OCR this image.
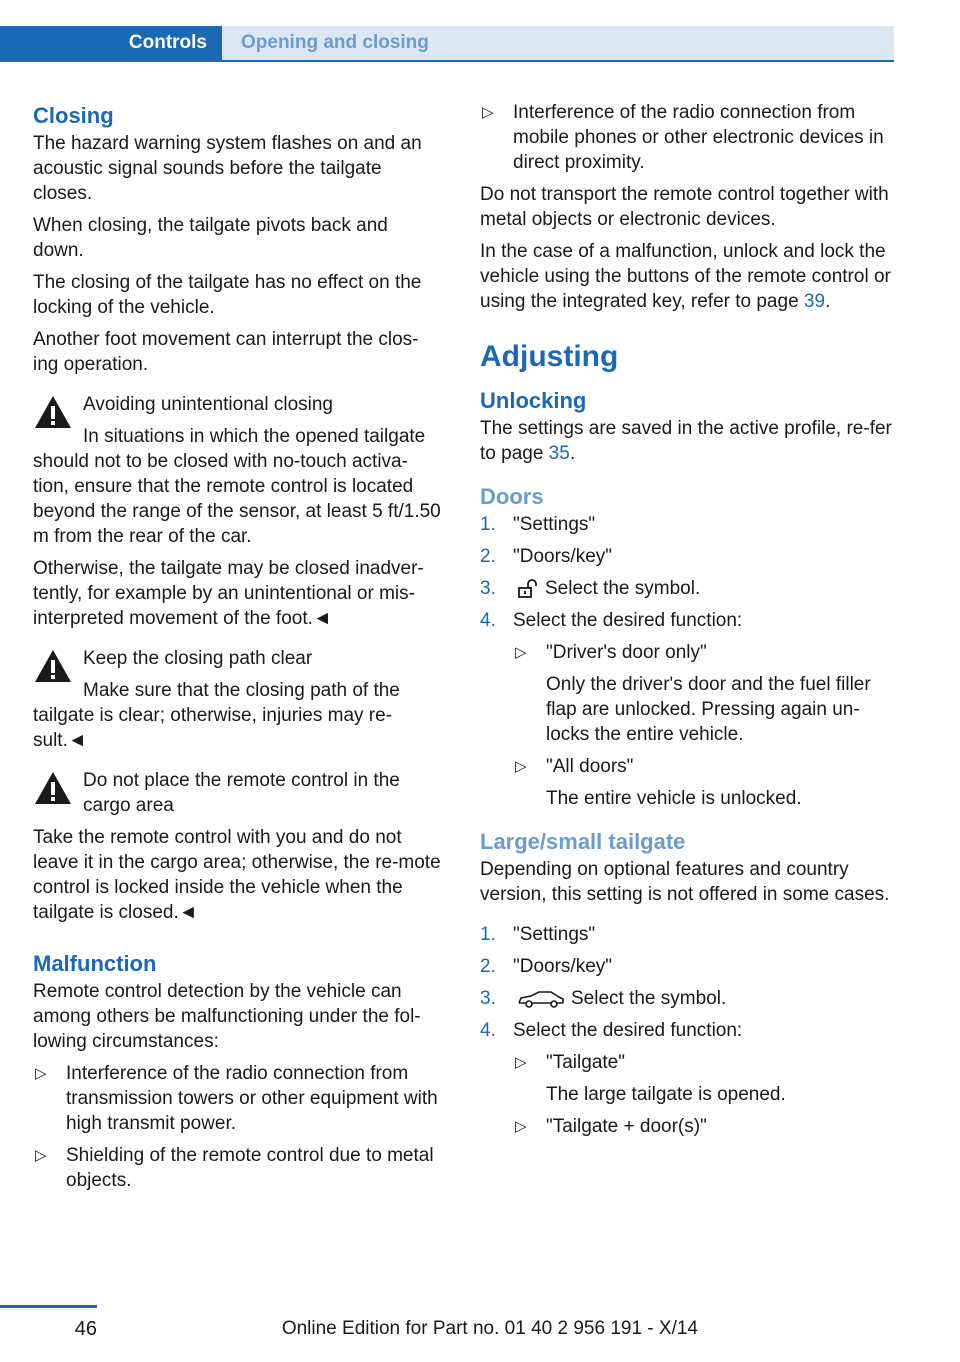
Controls	Opening and closing
Closing

The hazard warning system flashes on and an acoustic signal sounds before the tailgate closes.

When closing, the tailgate pivots back and down.

The closing of the tailgate has no effect on the locking of the vehicle.

Another foot movement can interrupt the clos-ing operation.

Avoiding unintentional closing

In situations in which the opened tailgate should not to be closed with no-touch activa-tion, ensure that the remote control is located beyond the range of the sensor, at least 5 ft/1.50 m from the rear of the car.

Otherwise, the tailgate may be closed inadver-tently, for example by an unintentional or mis-interpreted movement of the foot.◄

Keep the closing path clear

Make sure that the closing path of the tailgate is clear; otherwise, injuries may re-sult.◄

Do not place the remote control in the cargo area

Take the remote control with you and do not leave it in the cargo area; otherwise, the re-mote control is locked inside the vehicle when the tailgate is closed.◄

Malfunction

Remote control detection by the vehicle can among others be malfunctioning under the fol-lowing circumstances:

▷ Interference of the radio connection from transmission towers or other equipment with high transmit power.
▷ Shielding of the remote control due to metal objects.
▷ Interference of the radio connection from mobile phones or other electronic devices in direct proximity.

Do not transport the remote control together with metal objects or electronic devices.

In the case of a malfunction, unlock and lock the vehicle using the buttons of the remote control or using the integrated key, refer to page 39.

Adjusting
Unlocking

The settings are saved in the active profile, re-fer to page 35.

Doors
1. "Settings"
2. "Doors/key"
3.	Select the symbol.
4. Select the desired function:
▷ "Driver's door only"

Only the driver's door and the fuel filler flap are unlocked. Pressing again un-locks the entire vehicle.

▷ "All doors"

The entire vehicle is unlocked.

Large/small tailgate

Depending on optional features and country version, this setting is not offered in some cases.

1. "Settings"
2. "Doors/key"
3.	Select the symbol.
4. Select the desired function:
▷ "Tailgate"

The large tailgate is opened.

▷ "Tailgate + door(s)"
46	Online Edition for Part no. 01 40 2 956 191 - X/14
